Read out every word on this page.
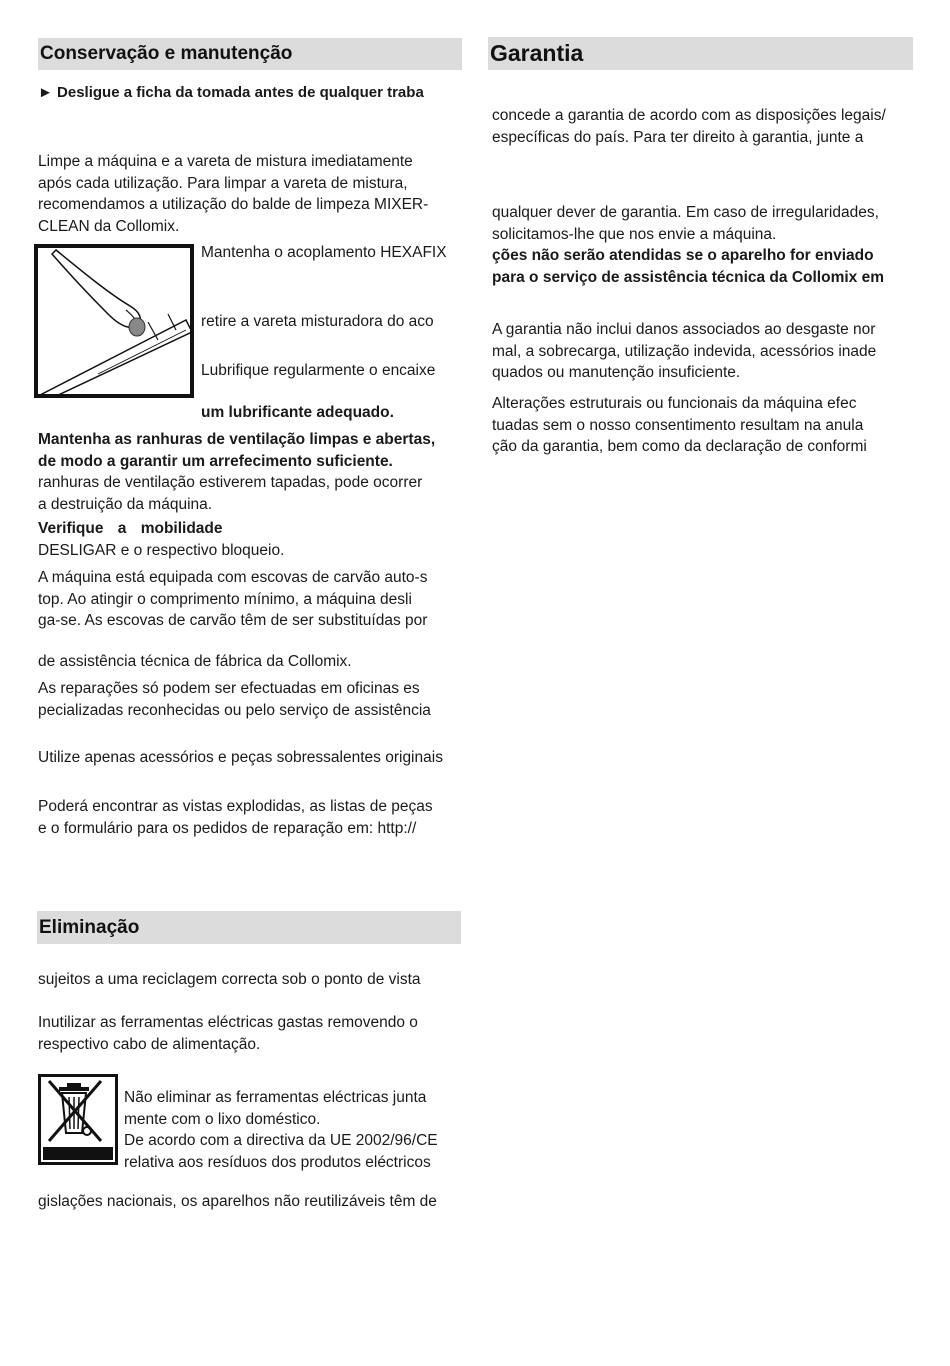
Conservação e manutenção
► Desligue a ficha da tomada antes de qualquer traba
Limpe a máquina e a vareta de mistura imediatamente
após cada utilização. Para limpar a vareta de mistura,
recomendamos a utilização do balde de limpeza MIXER-
CLEAN da Collomix.
Mantenha o acoplamento HEXAFIX
retire a vareta misturadora do aco
Lubrifique regularmente o encaixe
um lubrificante adequado.
Mantenha as ranhuras de ventilação limpas e abertas,
de modo a garantir um arrefecimento suficiente.
ranhuras de ventilação estiverem tapadas, pode ocorrer
a destruição da máquina.
Verifique a mobilidade
DESLIGAR e o respectivo bloqueio.
A máquina está equipada com escovas de carvão auto-s
top. Ao atingir o comprimento mínimo, a máquina desli
ga-se. As escovas de carvão têm de ser substituídas por
de assistência técnica de fábrica da Collomix.
As reparações só podem ser efectuadas em oficinas es
pecializadas reconhecidas ou pelo serviço de assistência
Utilize apenas acessórios e peças sobressalentes originais
Poderá encontrar as vistas explodidas, as listas de peças
e o formulário para os pedidos de reparação em: http://
Eliminação
sujeitos a uma reciclagem correcta sob o ponto de vista
Inutilizar as ferramentas eléctricas gastas removendo o
respectivo cabo de alimentação.
Não eliminar as ferramentas eléctricas junta
mente com o lixo doméstico.
De acordo com a directiva da UE 2002/96/CE
relativa aos resíduos dos produtos eléctricos
gislações nacionais, os aparelhos não reutilizáveis têm de
Garantia
concede a garantia de acordo com as disposições legais/
específicas do país. Para ter direito à garantia, junte a
qualquer dever de garantia. Em caso de irregularidades,
solicitamos-lhe que nos envie a máquina.
ções não serão atendidas se o aparelho for enviado
para o serviço de assistência técnica da Collomix em
A garantia não inclui danos associados ao desgaste nor
mal, a sobrecarga, utilização indevida, acessórios inade
quados ou manutenção insuficiente.
Alterações estruturais ou funcionais da máquina efec
tuadas sem o nosso consentimento resultam na anula
ção da garantia, bem como da declaração de conformi
